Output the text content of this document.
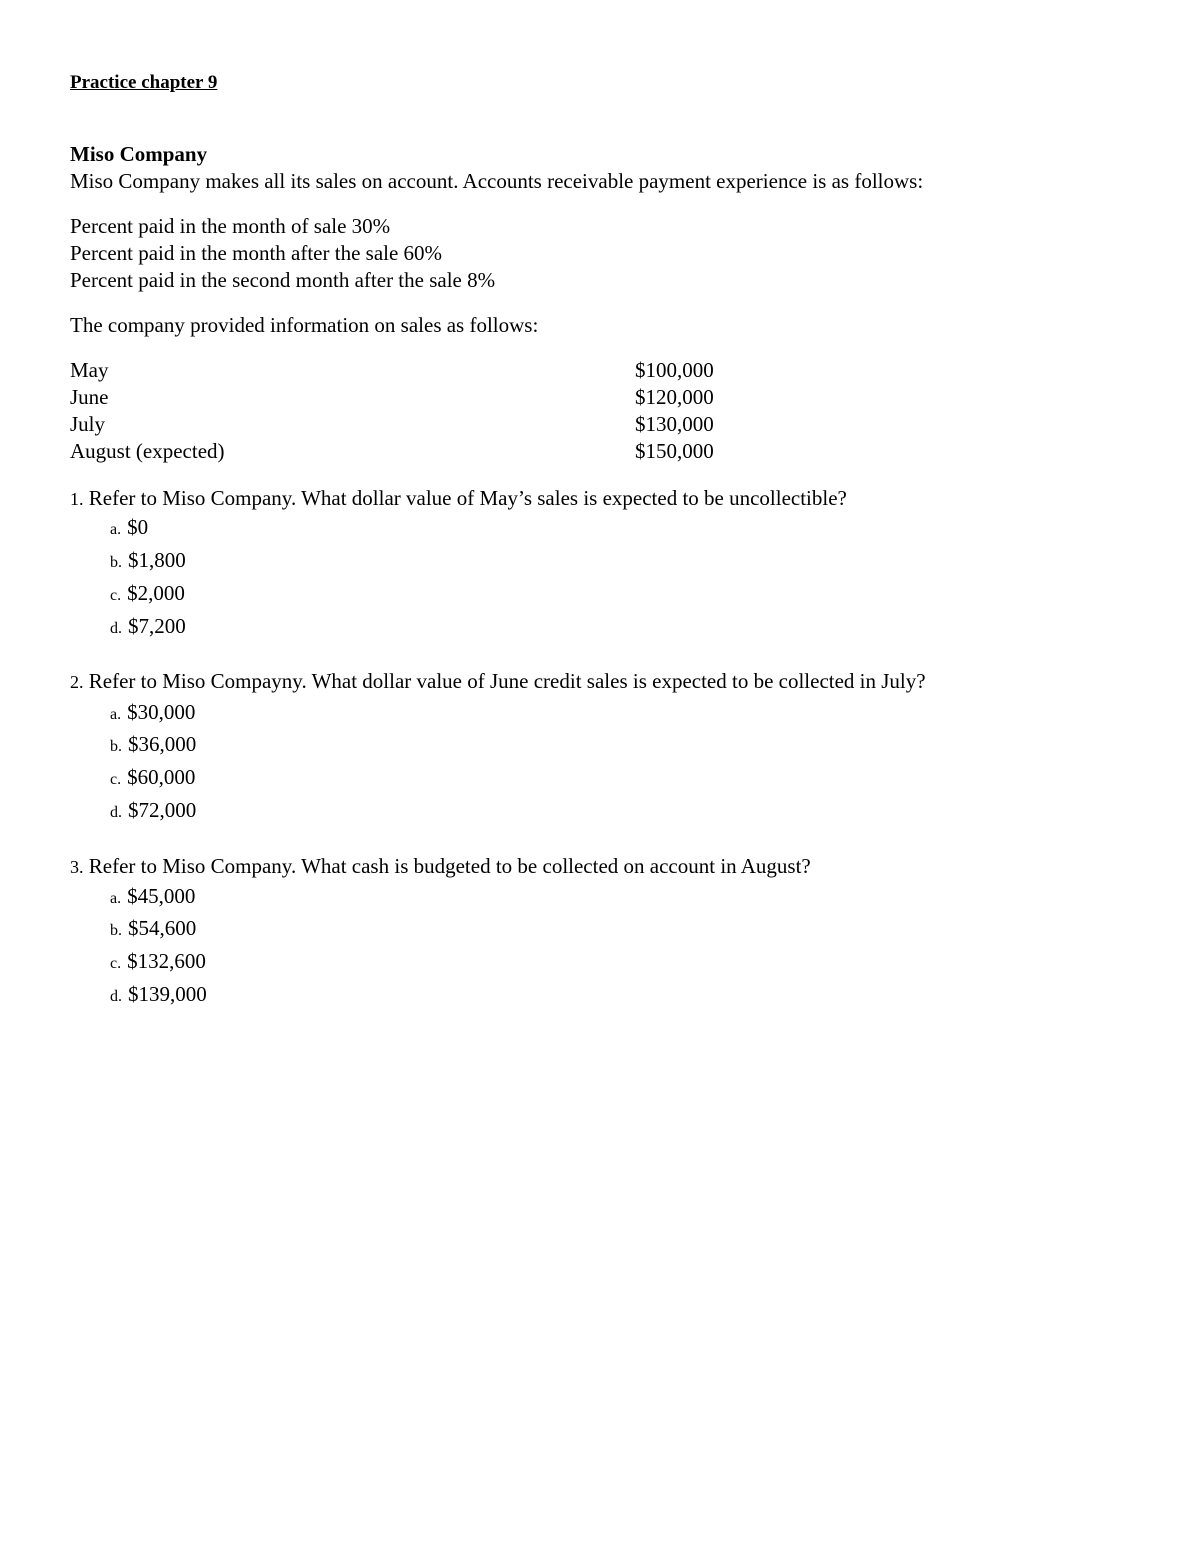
Practice chapter 9
Miso Company
Miso Company makes all its sales on account. Accounts receivable payment experience is as follows:
Percent paid in the month of sale 30%
Percent paid in the month after the sale 60%
Percent paid in the second month after the sale 8%
The company provided information on sales as follows:
May	$100,000
June	$120,000
July	$130,000
August (expected)	$150,000
1. Refer to Miso Company. What dollar value of May’s sales is expected to be uncollectible?
a. $0
b. $1,800
c. $2,000
d. $7,200
2. Refer to Miso Compayny. What dollar value of June credit sales is expected to be collected in July?
a. $30,000
b. $36,000
c. $60,000
d. $72,000
3. Refer to Miso Company. What cash is budgeted to be collected on account in August?
a. $45,000
b. $54,600
c. $132,600
d. $139,000
